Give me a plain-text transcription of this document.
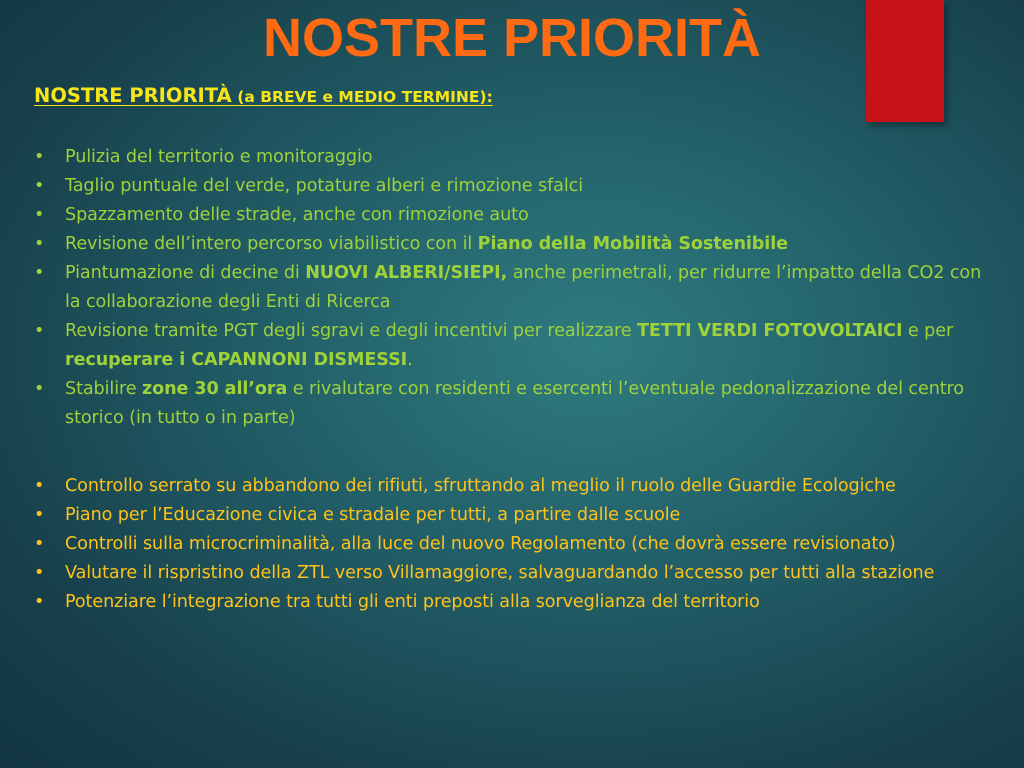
NOSTRE PRIORITÀ
NOSTRE PRIORITÀ (a BREVE e MEDIO TERMINE):
• Pulizia del territorio e monitoraggio
• Taglio puntuale del verde, potature alberi e rimozione sfalci
• Spazzamento delle strade, anche con rimozione auto
• Revisione dell’intero percorso viabilistico con il Piano della Mobilità Sostenibile
• Piantumazione di decine di NUOVI ALBERI/SIEPI, anche perimetrali, per ridurre l’impatto della CO2 con la collaborazione degli Enti di Ricerca
• Revisione tramite PGT degli sgravi e degli incentivi per realizzare TETTI VERDI FOTOVOLTAICI e per recuperare i CAPANNONI DISMESSI.
• Stabilire zone 30 all’ora e rivalutare con residenti e esercenti l’eventuale pedonalizzazione del centro storico (in tutto o in parte)
• Controllo serrato su abbandono dei rifiuti, sfruttando al meglio il ruolo delle Guardie Ecologiche
• Piano per l’Educazione civica e stradale per tutti, a partire dalle scuole
• Controlli sulla microcriminalità, alla luce del nuovo Regolamento (che dovrà essere revisionato)
• Valutare il rispristino della ZTL verso Villamaggiore, salvaguardando l’accesso per tutti alla stazione
• Potenziare l’integrazione tra tutti gli enti preposti alla sorveglianza del territorio
